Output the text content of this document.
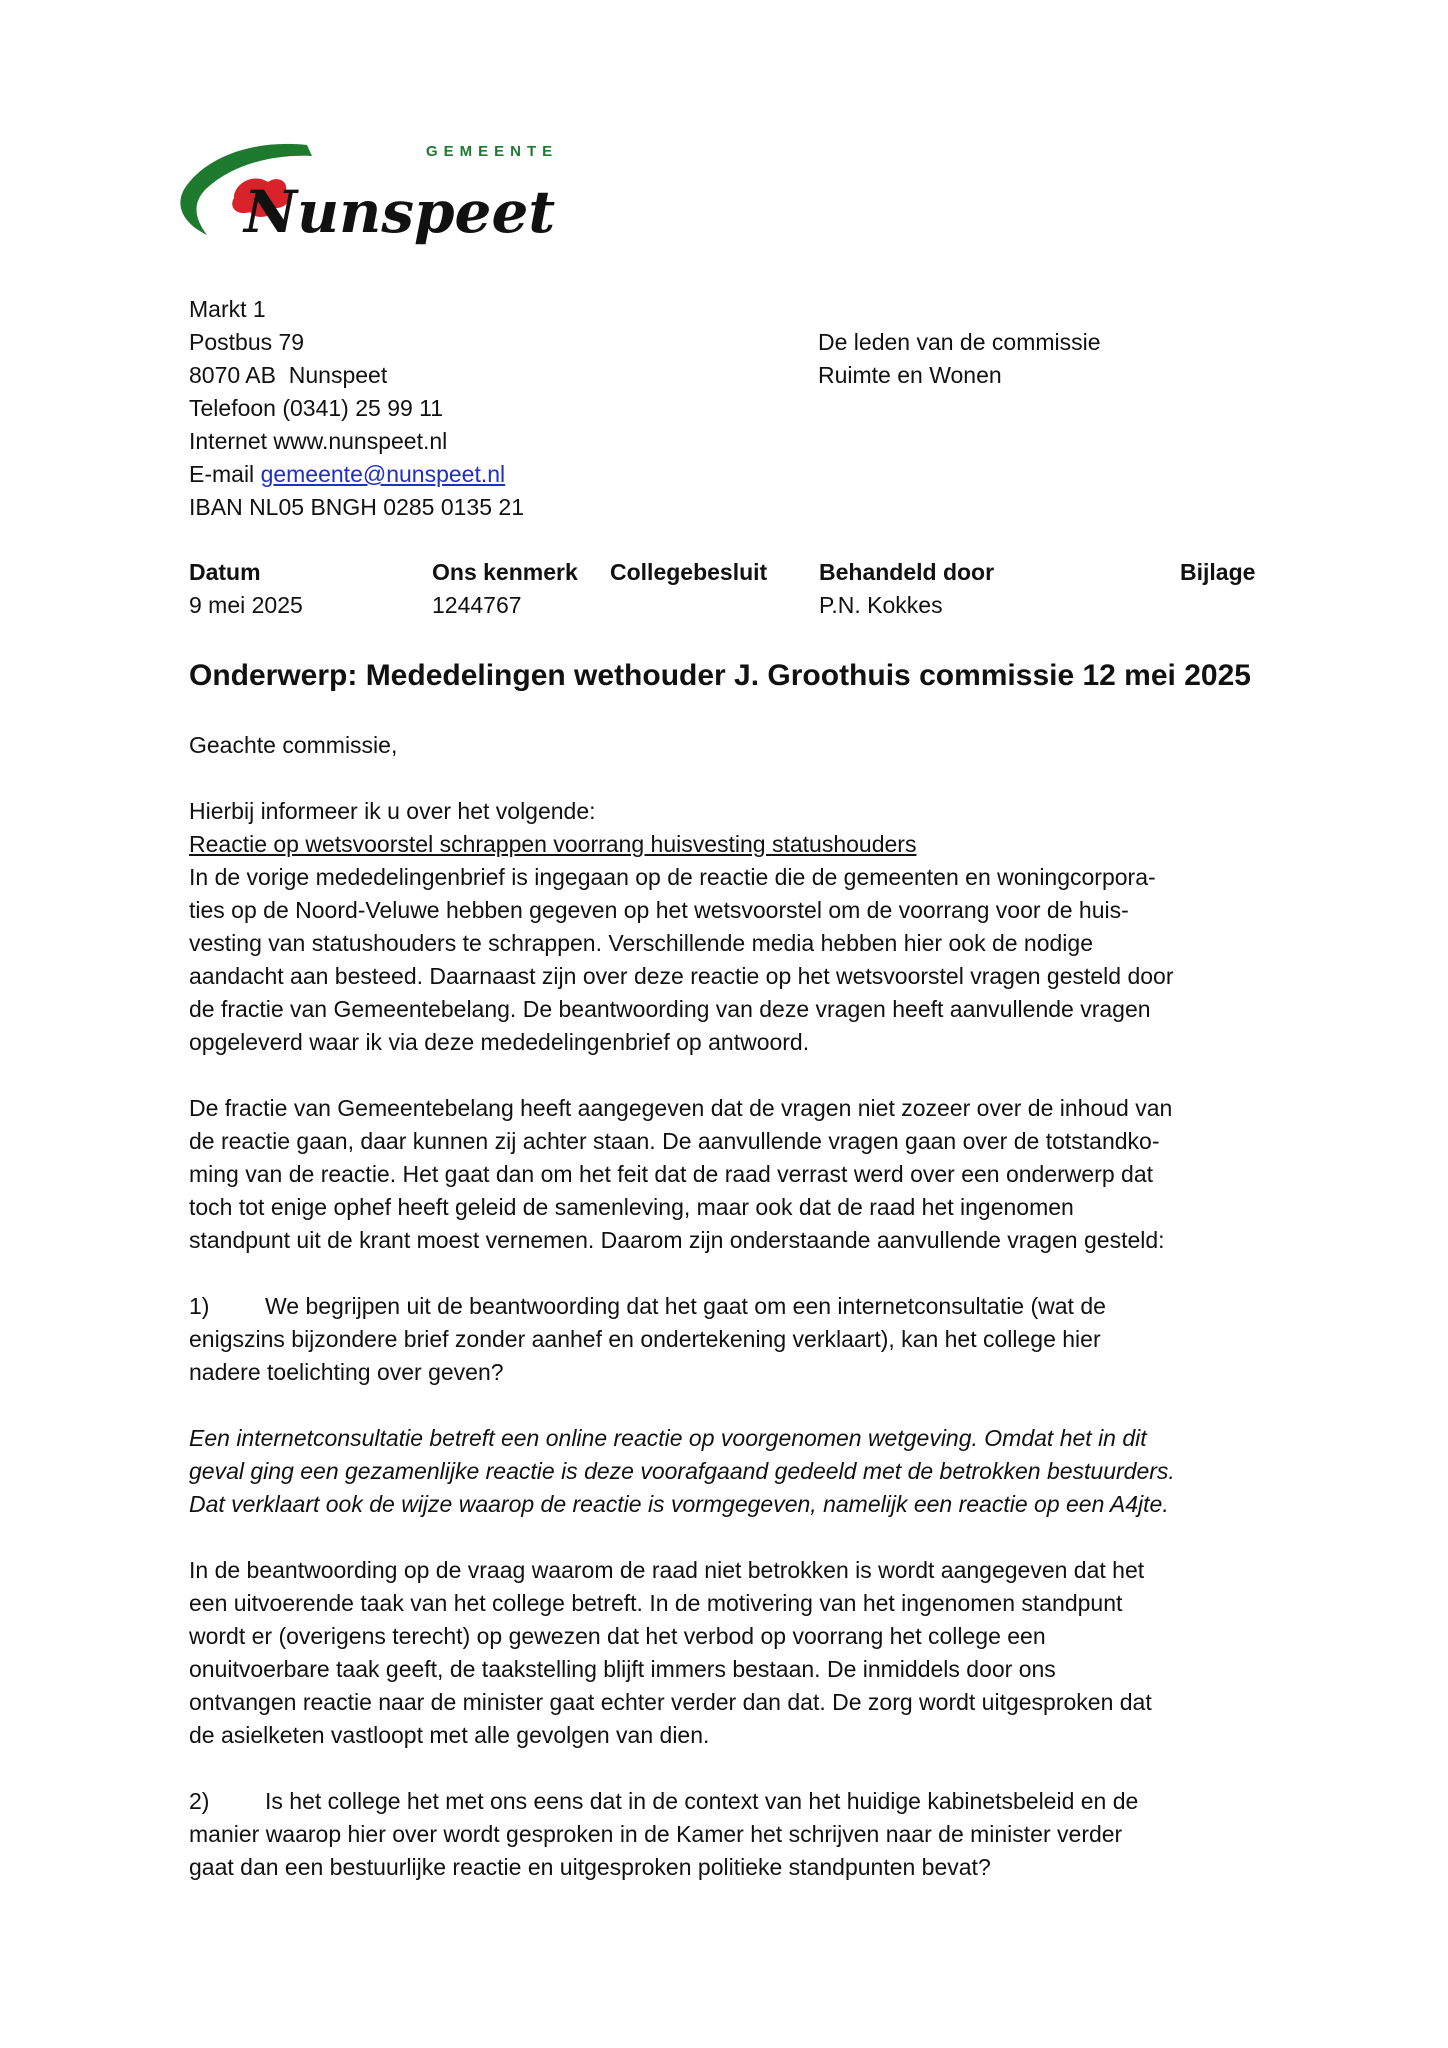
GEMEENTE
Nunspeet
Markt 1
Postbus 79
8070 AB  Nunspeet
Telefoon (0341) 25 99 11
Internet www.nunspeet.nl
E-mail gemeente@nunspeet.nl
IBAN NL05 BNGH 0285 0135 21
De leden van de commissie
Ruimte en Wonen
Datum
9 mei 2025
Ons kenmerk
1244767
Collegebesluit Behandeld door
P.N. Kokkes
Bijlage
Onderwerp: Mededelingen wethouder J. Groothuis commissie 12 mei 2025
Geachte commissie,
Hierbij informeer ik u over het volgende:
Reactie op wetsvoorstel schrappen voorrang huisvesting statushouders
In de vorige mededelingenbrief is ingegaan op de reactie die de gemeenten en woningcorpora-
ties op de Noord-Veluwe hebben gegeven op het wetsvoorstel om de voorrang voor de huis-
vesting van statushouders te schrappen. Verschillende media hebben hier ook de nodige
aandacht aan besteed. Daarnaast zijn over deze reactie op het wetsvoorstel vragen gesteld door
de fractie van Gemeentebelang. De beantwoording van deze vragen heeft aanvullende vragen
opgeleverd waar ik via deze mededelingenbrief op antwoord.
De fractie van Gemeentebelang heeft aangegeven dat de vragen niet zozeer over de inhoud van
de reactie gaan, daar kunnen zij achter staan. De aanvullende vragen gaan over de totstandko-
ming van de reactie. Het gaat dan om het feit dat de raad verrast werd over een onderwerp dat
toch tot enige ophef heeft geleid de samenleving, maar ook dat de raad het ingenomen
standpunt uit de krant moest vernemen. Daarom zijn onderstaande aanvullende vragen gesteld:
1) We begrijpen uit de beantwoording dat het gaat om een internetconsultatie (wat de
enigszins bijzondere brief zonder aanhef en ondertekening verklaart), kan het college hier
nadere toelichting over geven?
Een internetconsultatie betreft een online reactie op voorgenomen wetgeving. Omdat het in dit
geval ging een gezamenlijke reactie is deze voorafgaand gedeeld met de betrokken bestuurders.
Dat verklaart ook de wijze waarop de reactie is vormgegeven, namelijk een reactie op een A4jte.
In de beantwoording op de vraag waarom de raad niet betrokken is wordt aangegeven dat het
een uitvoerende taak van het college betreft. In de motivering van het ingenomen standpunt
wordt er (overigens terecht) op gewezen dat het verbod op voorrang het college een
onuitvoerbare taak geeft, de taakstelling blijft immers bestaan. De inmiddels door ons
ontvangen reactie naar de minister gaat echter verder dan dat. De zorg wordt uitgesproken dat
de asielketen vastloopt met alle gevolgen van dien.
2) Is het college het met ons eens dat in de context van het huidige kabinetsbeleid en de
manier waarop hier over wordt gesproken in de Kamer het schrijven naar de minister verder
gaat dan een bestuurlijke reactie en uitgesproken politieke standpunten bevat?
